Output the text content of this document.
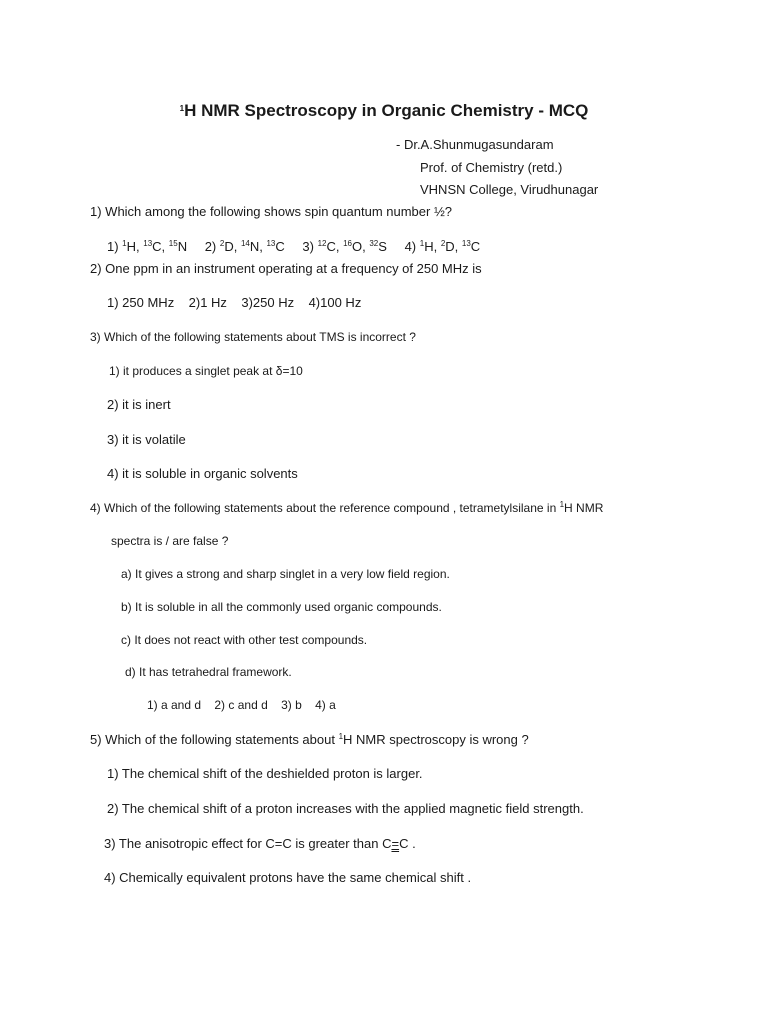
$^1$H NMR Spectroscopy in Organic Chemistry - MCQ
- Dr.A.Shunmugasundaram
Prof. of Chemistry (retd.)
VHNSN College, Virudhunagar
1) Which among the following shows spin quantum number ½?
1) $^1$H, $^{13}$C, $^{15}$N 2) $^2$D, $^{14}$N, $^{13}$C 3) $^{12}$C, $^{16}$O, $^{32}$S 4) $^1$H, $^2$D, $^{13}$C
2) One ppm in an instrument operating at a frequency of 250 MHz is
1) 250 MHz    2)1 Hz    3)250 Hz    4)100 Hz
3) Which of the following statements about TMS is incorrect ?
1) it produces a singlet peak at δ=10
2) it is inert
3) it is volatile
4) it is soluble in organic solvents
4) Which of the following statements about the reference compound , tetrametylsilane in $^1$H NMR
spectra is / are false ?
a) It gives a strong and sharp singlet in a very low field region.
b) It is soluble in all the commonly used organic compounds.
c) It does not react with other test compounds.
d) It has tetrahedral framework.
1) a and d    2) c and d    3) b    4) a
5) Which of the following statements about $^1$H NMR spectroscopy is wrong ?
1) The chemical shift of the deshielded proton is larger.
2) The chemical shift of a proton increases with the applied magnetic field strength.
3) The anisotropic effect for C=C is greater than C=C .
4) Chemically equivalent protons have the same chemical shift .
